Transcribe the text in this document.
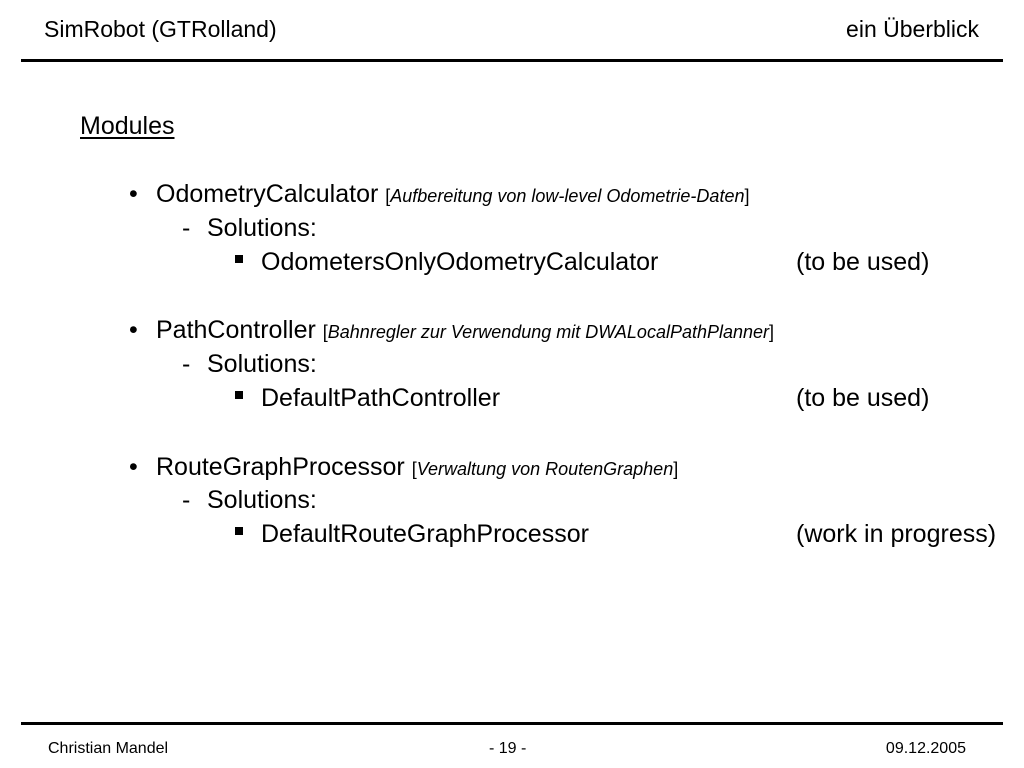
SimRobot (GTRolland)	ein Überblick
Modules
• OdometryCalculator [Aufbereitung von low-level Odometrie-Daten]
- Solutions:
OdometersOnlyOdometryCalculator	(to be used)
• PathController [Bahnregler zur Verwendung mit DWALocalPathPlanner]
- Solutions:
DefaultPathController	(to be used)
• RouteGraphProcessor [Verwaltung von RoutenGraphen]
- Solutions:
DefaultRouteGraphProcessor	(work in progress)
Christian Mandel	- 19 -	09.12.2005
